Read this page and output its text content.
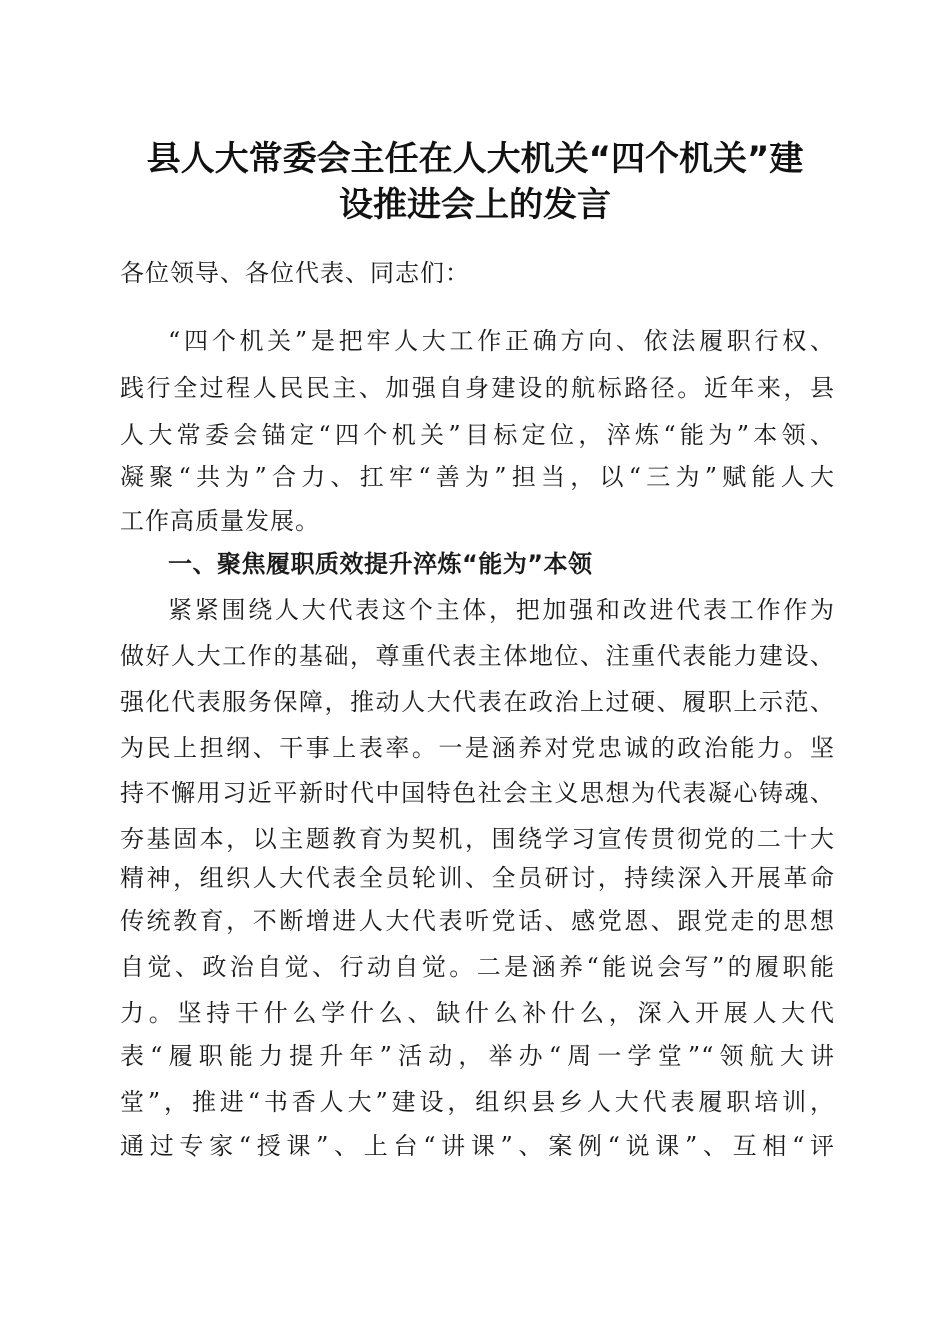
县人大常委会主任在人大机关“四个机关”建
设推进会上的发言
各位领导、各位代表、同志们：
“四个机关”是把牢人大工作正确方向、依法履职行权、
践行全过程人民民主、加强自身建设的航标路径。近年来，县
人大常委会锚定“四个机关”目标定位，淬炼“能为”本领、
凝聚“共为”合力、扛牢“善为”担当，以“三为”赋能人大
工作高质量发展。
一、聚焦履职质效提升淬炼“能为”本领
紧紧围绕人大代表这个主体，把加强和改进代表工作作为
做好人大工作的基础，尊重代表主体地位、注重代表能力建设、
强化代表服务保障，推动人大代表在政治上过硬、履职上示范、
为民上担纲、干事上表率。一是涵养对党忠诚的政治能力。坚
持不懈用习近平新时代中国特色社会主义思想为代表凝心铸魂、
夯基固本，以主题教育为契机，围绕学习宣传贯彻党的二十大
精神，组织人大代表全员轮训、全员研讨，持续深入开展革命
传统教育，不断增进人大代表听党话、感党恩、跟党走的思想
自觉、政治自觉、行动自觉。二是涵养“能说会写”的履职能
力。坚持干什么学什么、缺什么补什么，深入开展人大代
表“履职能力提升年”活动，举办“周一学堂”“领航大讲
堂”，推进“书香人大”建设，组织县乡人大代表履职培训，
通过专家“授课”、上台“讲课”、案例“说课”、互相“评
